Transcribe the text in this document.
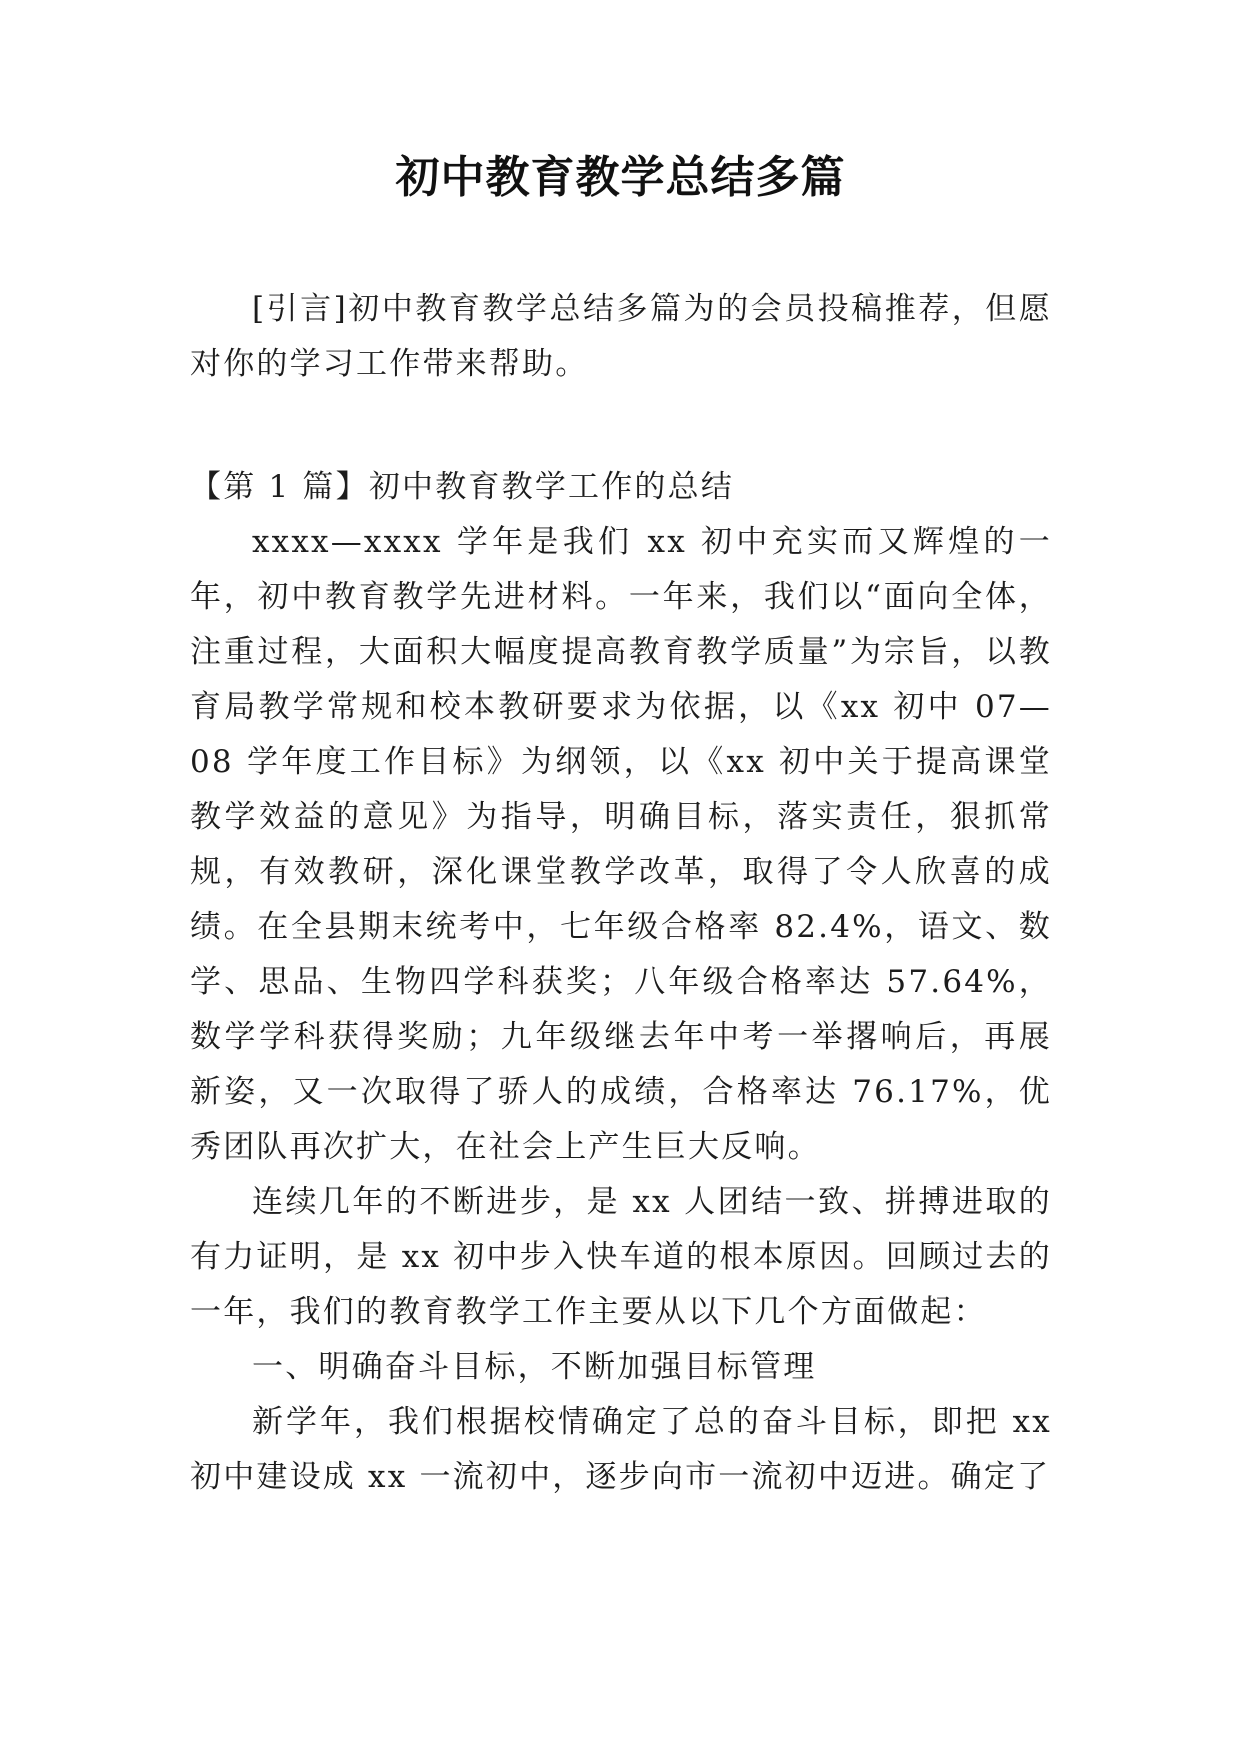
初中教育教学总结多篇

[引言]初中教育教学总结多篇为的会员投稿推荐，但愿对你的学习工作带来帮助。

【第 1 篇】初中教育教学工作的总结

xxxx—xxxx 学年是我们 xx 初中充实而又辉煌的一年，初中教育教学先进材料。一年来，我们以“面向全体，注重过程，大面积大幅度提高教育教学质量”为宗旨，以教育局教学常规和校本教研要求为依据，以《xx 初中 07—08 学年度工作目标》为纲领，以《xx 初中关于提高课堂教学效益的意见》为指导，明确目标，落实责任，狠抓常规，有效教研，深化课堂教学改革，取得了令人欣喜的成绩。在全县期末统考中，七年级合格率 82.4%，语文、数学、思品、生物四学科获奖；八年级合格率达 57.64%，数学学科获得奖励；九年级继去年中考一举撂响后，再展新姿，又一次取得了骄人的成绩，合格率达 76.17%，优秀团队再次扩大，在社会上产生巨大反响。

连续几年的不断进步，是 xx 人团结一致、拼搏进取的有力证明，是 xx 初中步入快车道的根本原因。回顾过去的一年，我们的教育教学工作主要从以下几个方面做起：

一、明确奋斗目标，不断加强目标管理

新学年，我们根据校情确定了总的奋斗目标，即把 xx 初中建设成 xx 一流初中，逐步向市一流初中迈进。确定了
